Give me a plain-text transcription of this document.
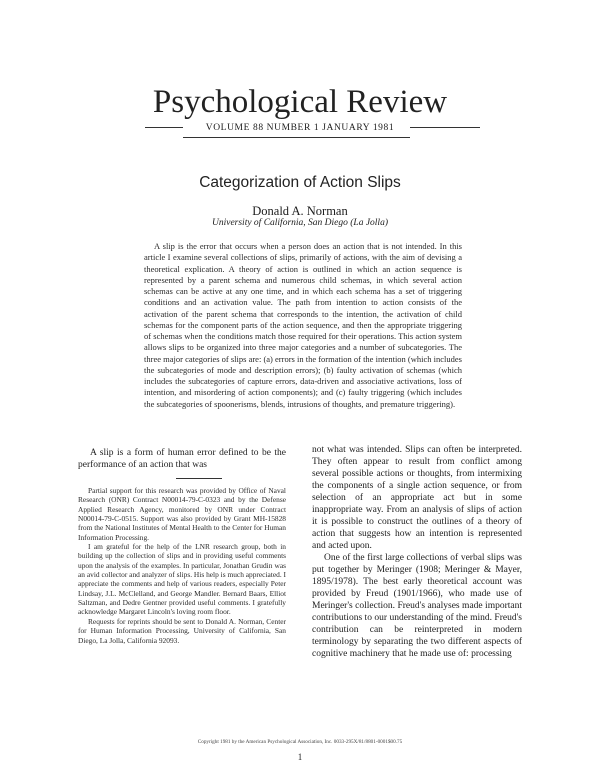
Psychological Review
VOLUME 88 NUMBER 1 JANUARY 1981
Categorization of Action Slips
Donald A. Norman
University of California, San Diego (La Jolla)

A slip is the error that occurs when a person does an action that is not intended. In this article I examine several collections of slips, primarily of actions, with the aim of devising a theoretical explication. A theory of action is outlined in which an action sequence is represented by a parent schema and numerous child schemas, in which several action schemas can be active at any one time, and in which each schema has a set of triggering conditions and an activation value. The path from intention to action consists of the activation of the parent schema that corresponds to the intention, the activation of child schemas for the component parts of the action sequence, and then the appropriate triggering of schemas when the conditions match those required for their operations. This action system allows slips to be organized into three major categories and a number of subcategories. The three major categories of slips are: (a) errors in the formation of the intention (which includes the subcategories of mode and description errors); (b) faulty activation of schemas (which includes the subcategories of capture errors, data-driven and associative activations, loss of intention, and misordering of action components); and (c) faulty triggering (which includes the subcategories of spoonerisms, blends, intrusions of thoughts, and premature triggering).

A slip is a form of human error defined to be the performance of an action that was

Partial support for this research was provided by Office of Naval Research (ONR) Contract N00014-79-C-0323 and by the Defense Applied Research Agency, monitored by ONR under Contract N00014-79-C-0515. Support was also provided by Grant MH-15828 from the National Institutes of Mental Health to the Center for Human Information Processing.

I am grateful for the help of the LNR research group, both in building up the collection of slips and in providing useful comments upon the analysis of the examples. In particular, Jonathan Grudin was an avid collector and analyzer of slips. His help is much appreciated. I appreciate the comments and help of various readers, especially Peter Lindsay, J.L. McClelland, and George Mandler. Bernard Baars, Elliot Saltzman, and Dedre Gentner provided useful comments. I gratefully acknowledge Margaret Lincoln's loving room floor.

Requests for reprints should be sent to Donald A. Norman, Center for Human Information Processing, University of California, San Diego, La Jolla, California 92093.

not what was intended. Slips can often be interpreted. They often appear to result from conflict among several possible actions or thoughts, from intermixing the components of a single action sequence, or from selection of an appropriate act but in some inappropriate way. From an analysis of slips of action it is possible to construct the outlines of a theory of action that suggests how an intention is represented and acted upon.

One of the first large collections of verbal slips was put together by Meringer (1908; Meringer & Mayer, 1895/1978). The best early theoretical account was provided by Freud (1901/1966), who made use of Meringer's collection. Freud's analyses made important contributions to our understanding of the mind. Freud's contribution can be reinterpreted in modern terminology by separating the two different aspects of cognitive machinery that he made use of: processing

Copyright 1981 by the American Psychological Association, Inc. 0033-295X/81/8801-0001$00.75
1
